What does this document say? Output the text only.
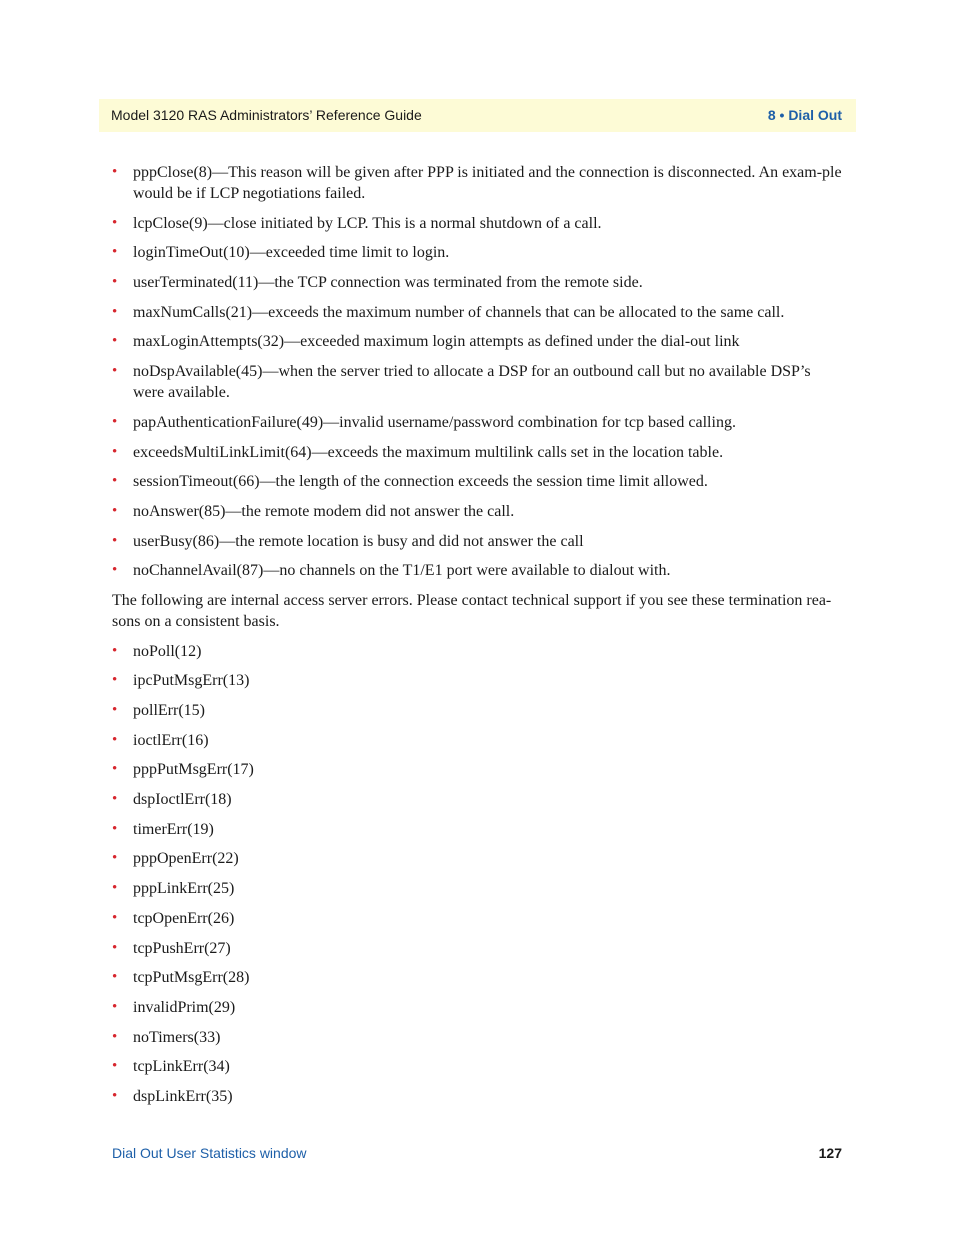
Model 3120 RAS Administrators’ Reference Guide	8 • Dial Out
• pppClose(8)—This reason will be given after PPP is initiated and the connection is disconnected. An exam-ple would be if LCP negotiations failed.
• lcpClose(9)—close initiated by LCP. This is a normal shutdown of a call.
• loginTimeOut(10)—exceeded time limit to login.
• userTerminated(11)—the TCP connection was terminated from the remote side.
• maxNumCalls(21)—exceeds the maximum number of channels that can be allocated to the same call.
• maxLoginAttempts(32)—exceeded maximum login attempts as defined under the dial-out link
• noDspAvailable(45)—when the server tried to allocate a DSP for an outbound call but no available DSP’s were available.
• papAuthenticationFailure(49)—invalid username/password combination for tcp based calling.
• exceedsMultiLinkLimit(64)—exceeds the maximum multilink calls set in the location table.
• sessionTimeout(66)—the length of the connection exceeds the session time limit allowed.
• noAnswer(85)—the remote modem did not answer the call.
• userBusy(86)—the remote location is busy and did not answer the call
• noChannelAvail(87)—no channels on the T1/E1 port were available to dialout with.

The following are internal access server errors. Please contact technical support if you see these termination rea-sons on a consistent basis.

• noPoll(12)
• ipcPutMsgErr(13)
• pollErr(15)
• ioctlErr(16)
• pppPutMsgErr(17)
• dspIoctlErr(18)
• timerErr(19)
• pppOpenErr(22)
• pppLinkErr(25)
• tcpOpenErr(26)
• tcpPushErr(27)
• tcpPutMsgErr(28)
• invalidPrim(29)
• noTimers(33)
• tcpLinkErr(34)
• dspLinkErr(35)
Dial Out User Statistics window	127
